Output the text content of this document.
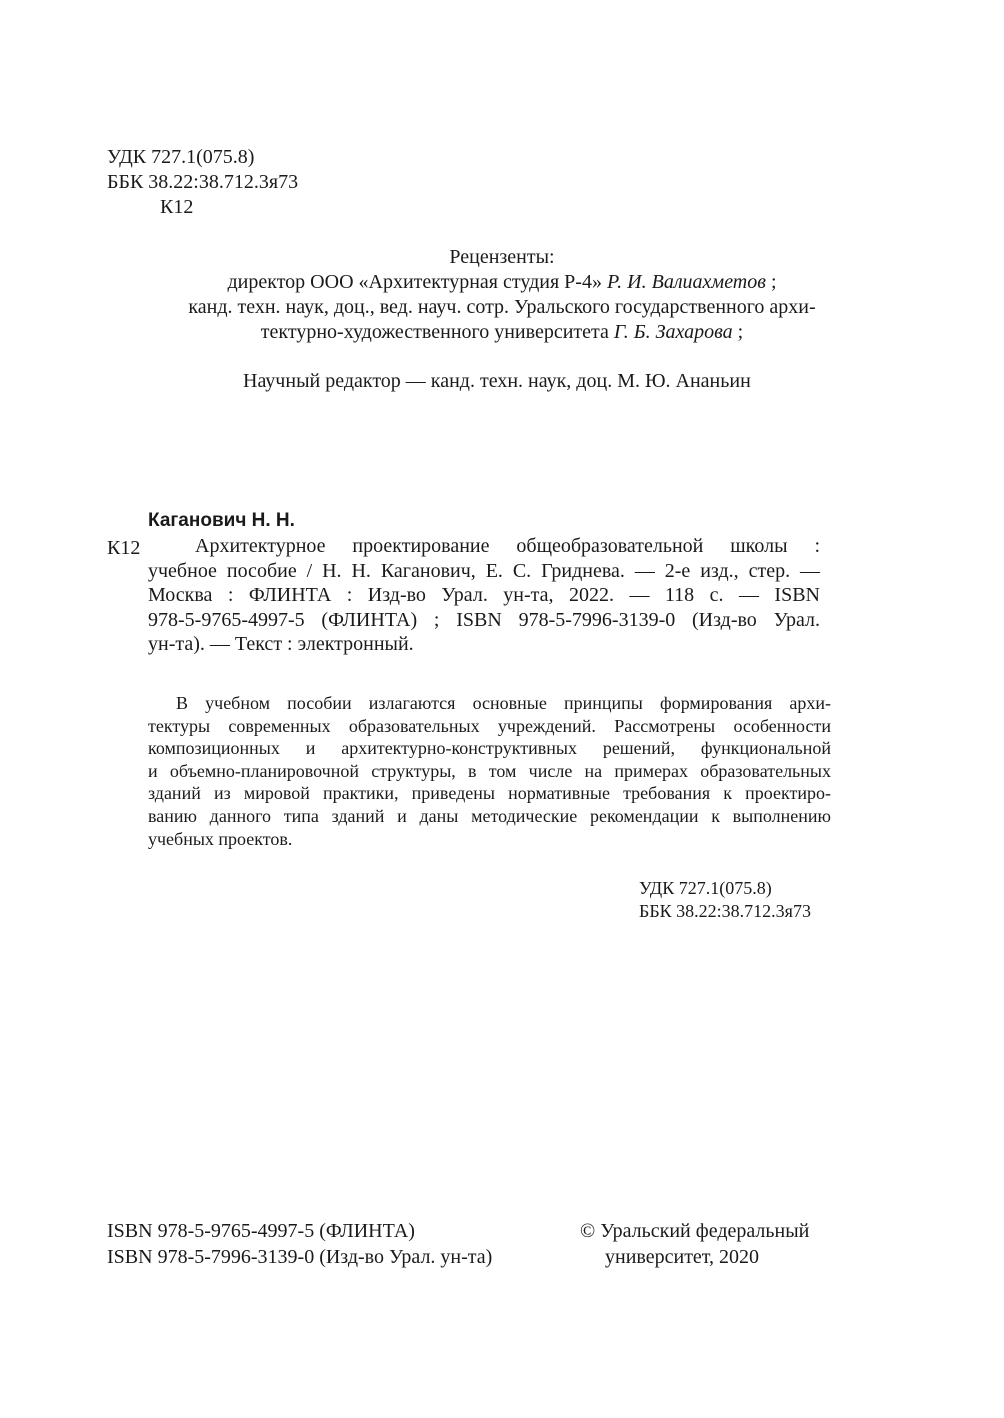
УДК 727.1(075.8)
ББК 38.22:38.712.3я73
К12
Рецензенты:
директор ООО «Архитектурная студия Р-4» Р. И. Валиахметов ;
канд. техн. наук, доц., вед. науч. сотр. Уральского государственного архи-
тектурно-художественного университета Г. Б. Захарова ;
Научный редактор — канд. техн. наук, доц. М. Ю. Ананьин
Каганович Н. Н.
К12	Архитектурное проектирование общеобразовательной школы :
учебное пособие / Н. Н. Каганович, Е. С. Гриднева. — 2-е изд., стер. —
Москва : ФЛИНТА : Изд-во Урал. ун-та, 2022. — 118 с. — ISBN
978-5-9765-4997-5 (ФЛИНТА) ; ISBN 978-5-7996-3139-0 (Изд-во Урал.
ун-та). — Текст : электронный.
В учебном пособии излагаются основные принципы формирования архи-
тектуры современных образовательных учреждений. Рассмотрены особенности
композиционных и архитектурно-конструктивных решений, функциональной
и объемно-планировочной структуры, в том числе на примерах образовательных
зданий из мировой практики, приведены нормативные требования к проектиро-
ванию данного типа зданий и даны методические рекомендации к выполнению
учебных проектов.
УДК 727.1(075.8)
ББК 38.22:38.712.3я73
ISBN 978-5-9765-4997-5 (ФЛИНТА)
ISBN 978-5-7996-3139-0 (Изд-во Урал. ун-та)
© Уральский федеральный
университет, 2020
